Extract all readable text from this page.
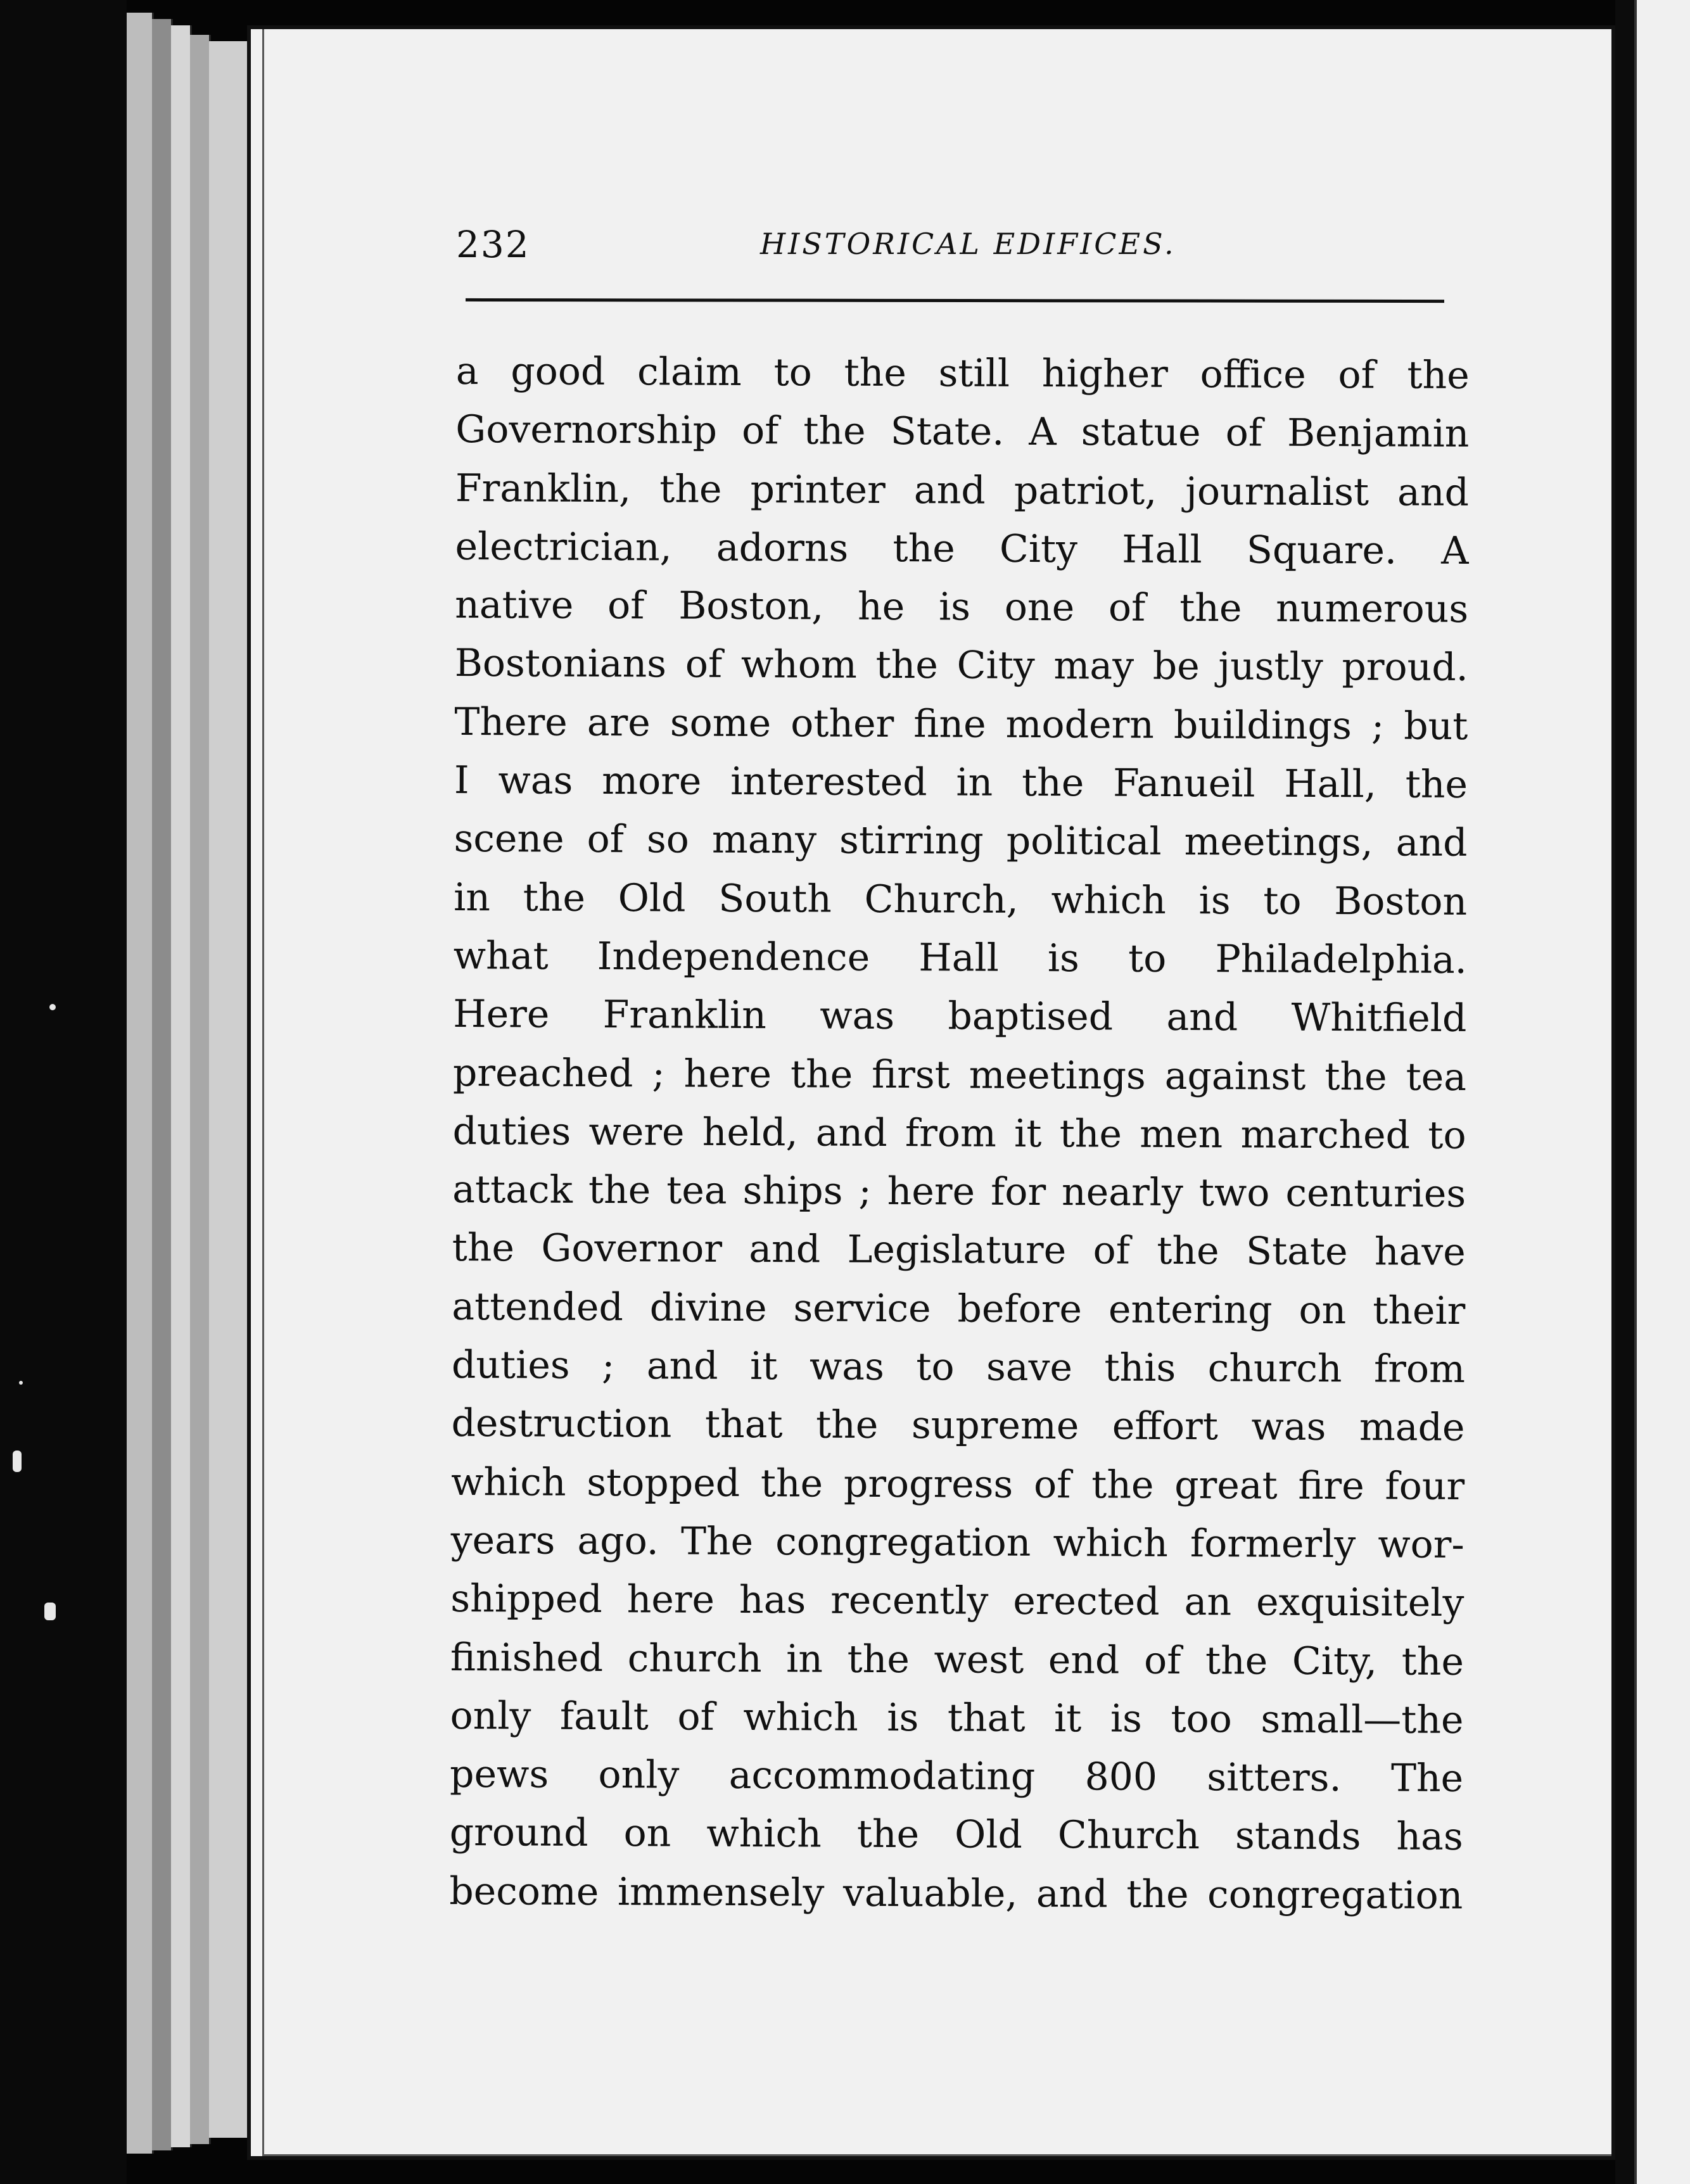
232	HISTORICAL EDIFICES.
a good claim to the still higher office of the
Governorship of the State. A statue of Benjamin
Franklin, the printer and patriot, journalist and
electrician, adorns the City Hall Square. A
native of Boston, he is one of the numerous
Bostonians of whom the City may be justly proud.
There are some other fine modern buildings ; but
I was more interested in the Fanueil Hall, the
scene of so many stirring political meetings, and
in the Old South Church, which is to Boston
what Independence Hall is to Philadelphia.
Here Franklin was baptised and Whitfield
preached ; here the first meetings against the tea
duties were held, and from it the men marched to
attack the tea ships ; here for nearly two centuries
the Governor and Legislature of the State have
attended divine service before entering on their
duties ; and it was to save this church from
destruction that the supreme effort was made
which stopped the progress of the great fire four
years ago. The congregation which formerly wor-
shipped here has recently erected an exquisitely
finished church in the west end of the City, the
only fault of which is that it is too small—the
pews only accommodating 800 sitters. The
ground on which the Old Church stands has
become immensely valuable, and the congregation
